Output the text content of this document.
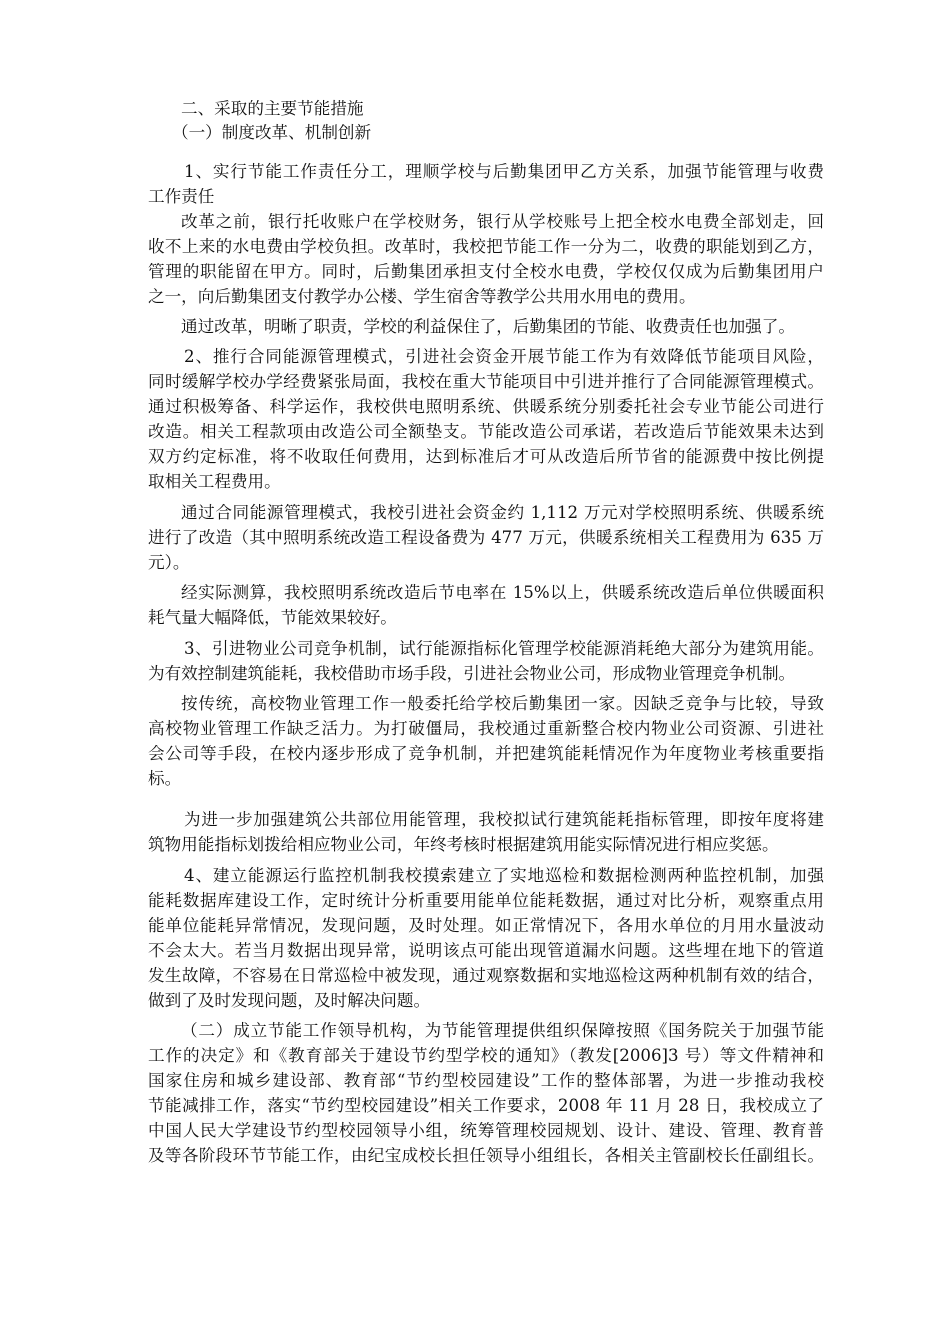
二、采取的主要节能措施
（一）制度改革、机制创新
1、实行节能工作责任分工，理顺学校与后勤集团甲乙方关系，加强节能管理与收费
工作责任
改革之前，银行托收账户在学校财务，银行从学校账号上把全校水电费全部划走，回
收不上来的水电费由学校负担。改革时，我校把节能工作一分为二，收费的职能划到乙方，
管理的职能留在甲方。同时，后勤集团承担支付全校水电费，学校仅仅成为后勤集团用户
之一，向后勤集团支付教学办公楼、学生宿舍等教学公共用水用电的费用。
通过改革，明晰了职责，学校的利益保住了，后勤集团的节能、收费责任也加强了。
2、推行合同能源管理模式，引进社会资金开展节能工作为有效降低节能项目风险，
同时缓解学校办学经费紧张局面，我校在重大节能项目中引进并推行了合同能源管理模式。
通过积极筹备、科学运作，我校供电照明系统、供暖系统分别委托社会专业节能公司进行
改造。相关工程款项由改造公司全额垫支。节能改造公司承诺，若改造后节能效果未达到
双方约定标准，将不收取任何费用，达到标准后才可从改造后所节省的能源费中按比例提
取相关工程费用。
通过合同能源管理模式，我校引进社会资金约 1,112 万元对学校照明系统、供暖系统
进行了改造（其中照明系统改造工程设备费为 477 万元，供暖系统相关工程费用为 635 万
元）。
经实际测算，我校照明系统改造后节电率在 15%以上，供暖系统改造后单位供暖面积
耗气量大幅降低，节能效果较好。
3、引进物业公司竞争机制，试行能源指标化管理学校能源消耗绝大部分为建筑用能。
为有效控制建筑能耗，我校借助市场手段，引进社会物业公司，形成物业管理竞争机制。
按传统，高校物业管理工作一般委托给学校后勤集团一家。因缺乏竞争与比较，导致
高校物业管理工作缺乏活力。为打破僵局，我校通过重新整合校内物业公司资源、引进社
会公司等手段，在校内逐步形成了竞争机制，并把建筑能耗情况作为年度物业考核重要指
标。
为进一步加强建筑公共部位用能管理，我校拟试行建筑能耗指标管理，即按年度将建
筑物用能指标划拨给相应物业公司，年终考核时根据建筑用能实际情况进行相应奖惩。
4、建立能源运行监控机制我校摸索建立了实地巡检和数据检测两种监控机制，加强
能耗数据库建设工作，定时统计分析重要用能单位能耗数据，通过对比分析，观察重点用
能单位能耗异常情况，发现问题，及时处理。如正常情况下，各用水单位的月用水量波动
不会太大。若当月数据出现异常，说明该点可能出现管道漏水问题。这些埋在地下的管道
发生故障，不容易在日常巡检中被发现，通过观察数据和实地巡检这两种机制有效的结合，
做到了及时发现问题，及时解决问题。
（二）成立节能工作领导机构，为节能管理提供组织保障按照《国务院关于加强节能
工作的决定》和《教育部关于建设节约型学校的通知》（教发[2006]3 号）等文件精神和
国家住房和城乡建设部、教育部“节约型校园建设”工作的整体部署，为进一步推动我校
节能减排工作，落实“节约型校园建设”相关工作要求，2008 年 11 月 28 日，我校成立了
中国人民大学建设节约型校园领导小组，统筹管理校园规划、设计、建设、管理、教育普
及等各阶段环节节能工作，由纪宝成校长担任领导小组组长，各相关主管副校长任副组长。
